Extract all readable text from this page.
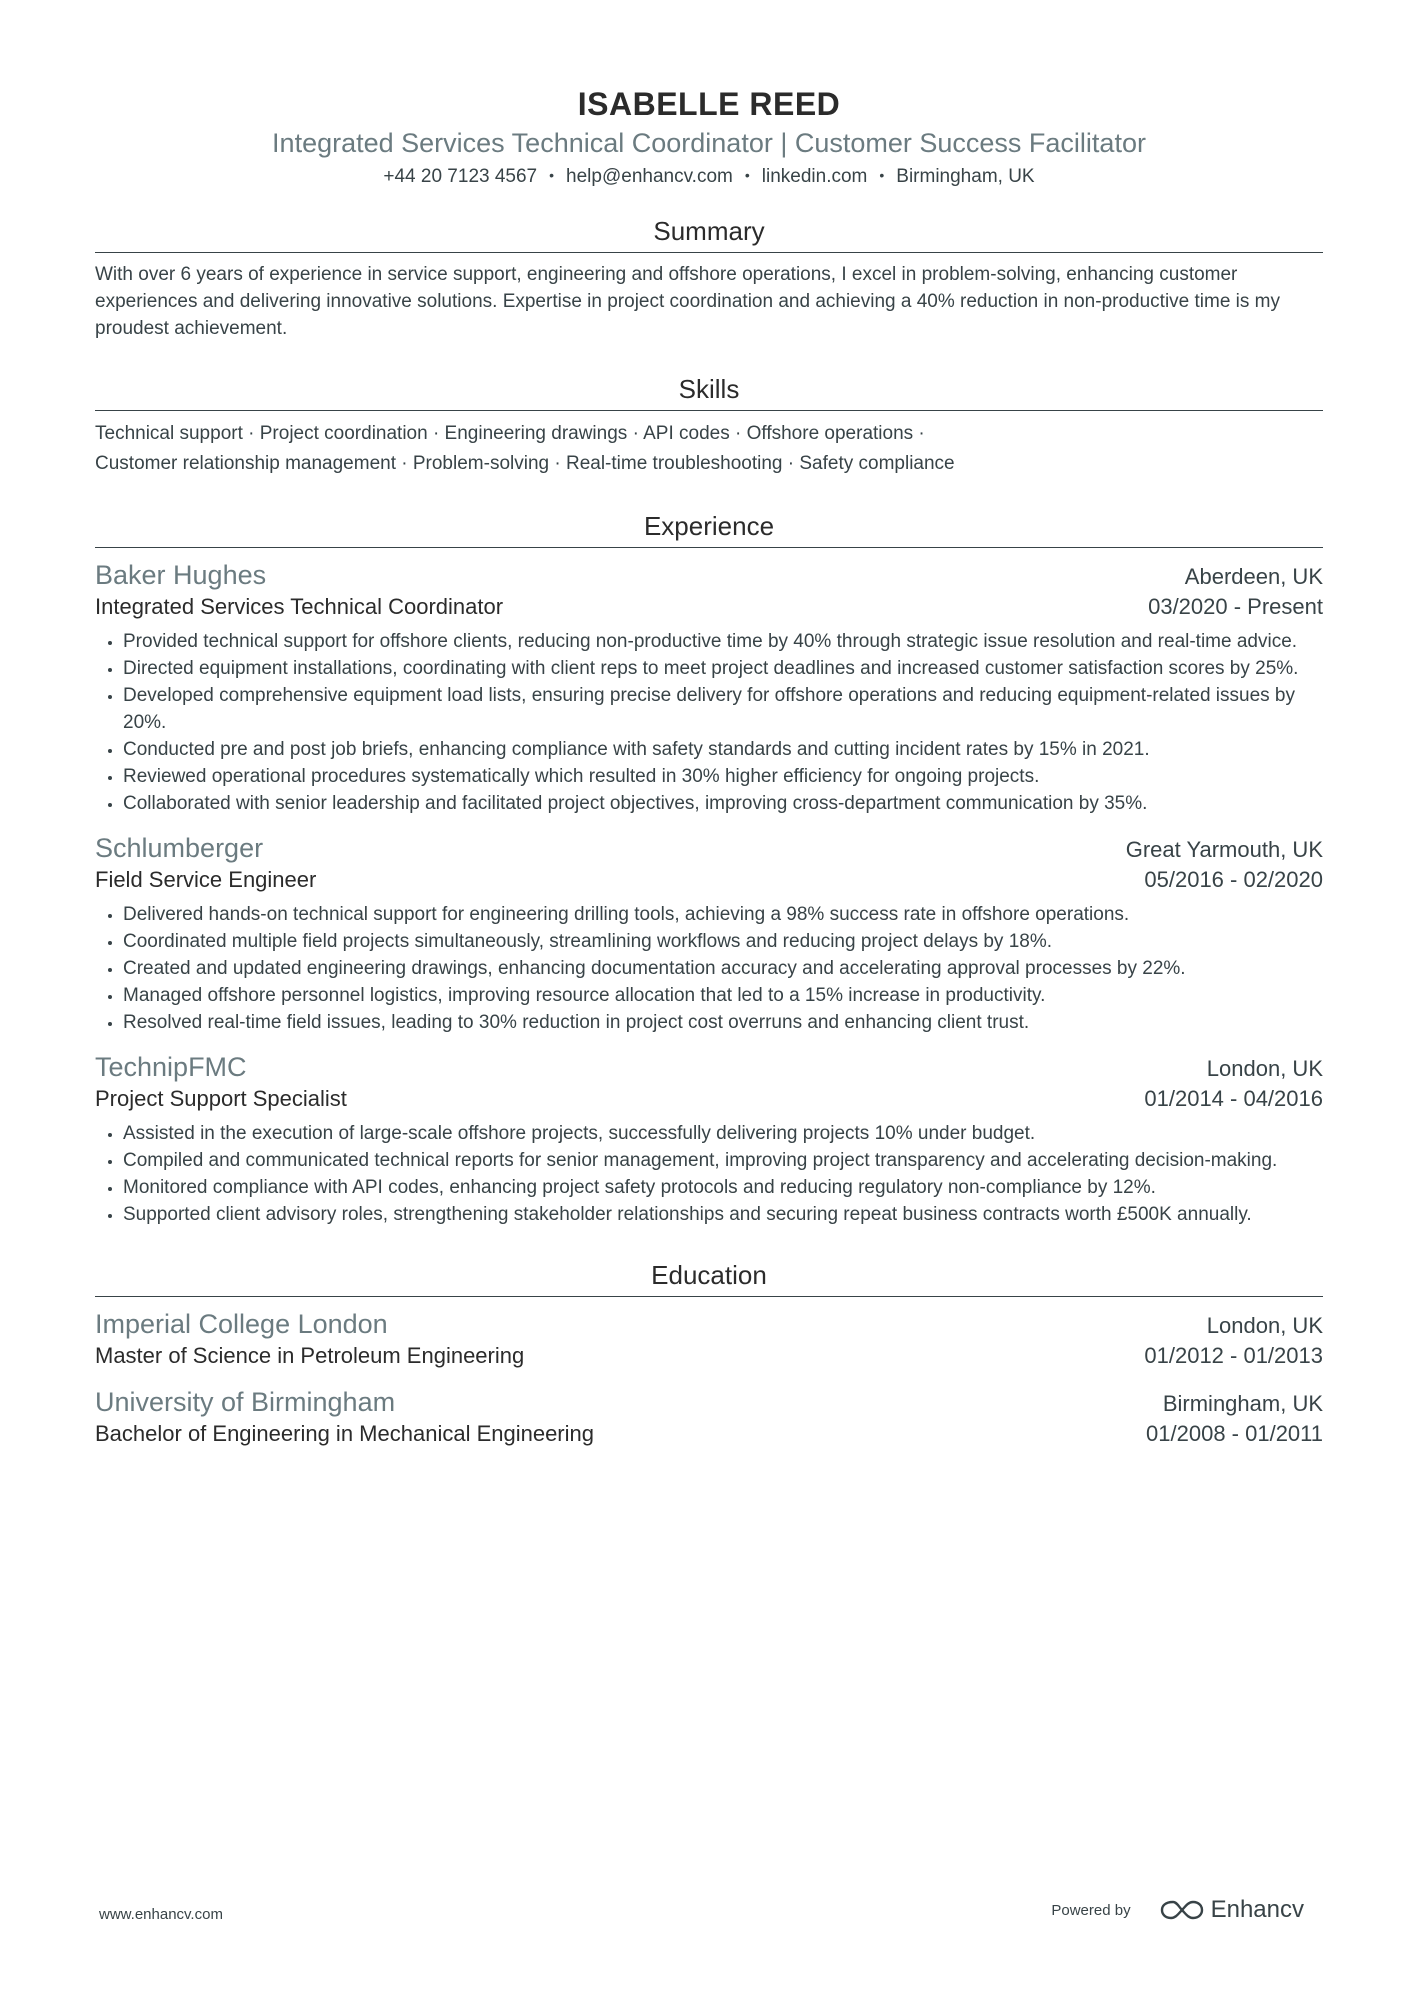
ISABELLE REED
Integrated Services Technical Coordinator | Customer Success Facilitator
+44 20 7123 4567 • help@enhancv.com • linkedin.com • Birmingham, UK
Summary
With over 6 years of experience in service support, engineering and offshore operations, I excel in problem-solving, enhancing customer experiences and delivering innovative solutions. Expertise in project coordination and achieving a 40% reduction in non-productive time is my proudest achievement.
Skills

Technical support · Project coordination · Engineering drawings · API codes · Offshore operations ·

Customer relationship management · Problem-solving · Real-time troubleshooting · Safety compliance

Experience
Baker Hughes	Aberdeen, UK
Integrated Services Technical Coordinator	03/2020 - Present
• Provided technical support for offshore clients, reducing non-productive time by 40% through strategic issue resolution and real-time advice.
• Directed equipment installations, coordinating with client reps to meet project deadlines and increased customer satisfaction scores by 25%.
• Developed comprehensive equipment load lists, ensuring precise delivery for offshore operations and reducing equipment-related issues by 20%.
• Conducted pre and post job briefs, enhancing compliance with safety standards and cutting incident rates by 15% in 2021.
• Reviewed operational procedures systematically which resulted in 30% higher efficiency for ongoing projects.
• Collaborated with senior leadership and facilitated project objectives, improving cross-department communication by 35%.
Schlumberger	Great Yarmouth, UK
Field Service Engineer	05/2016 - 02/2020
• Delivered hands-on technical support for engineering drilling tools, achieving a 98% success rate in offshore operations.
• Coordinated multiple field projects simultaneously, streamlining workflows and reducing project delays by 18%.
• Created and updated engineering drawings, enhancing documentation accuracy and accelerating approval processes by 22%.
• Managed offshore personnel logistics, improving resource allocation that led to a 15% increase in productivity.
• Resolved real-time field issues, leading to 30% reduction in project cost overruns and enhancing client trust.
TechnipFMC	London, UK
Project Support Specialist	01/2014 - 04/2016
• Assisted in the execution of large-scale offshore projects, successfully delivering projects 10% under budget.
• Compiled and communicated technical reports for senior management, improving project transparency and accelerating decision-making.
• Monitored compliance with API codes, enhancing project safety protocols and reducing regulatory non-compliance by 12%.
• Supported client advisory roles, strengthening stakeholder relationships and securing repeat business contracts worth £500K annually.
Education
Imperial College London	London, UK
Master of Science in Petroleum Engineering	01/2012 - 01/2013
University of Birmingham	Birmingham, UK
Bachelor of Engineering in Mechanical Engineering	01/2008 - 01/2011
www.enhancv.com	Powered by	Enhancv
